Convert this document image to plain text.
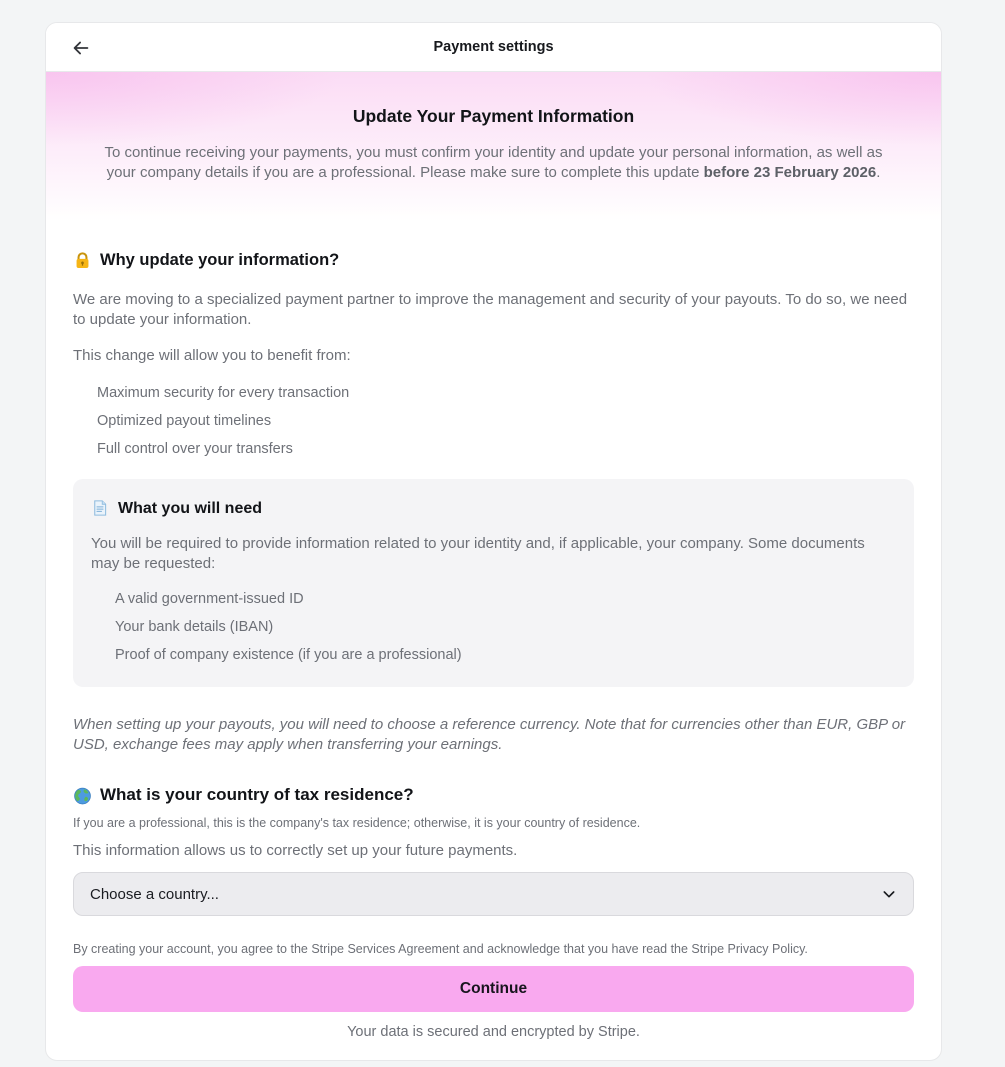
Payment settings
Update Your Payment Information
To continue receiving your payments, you must confirm your identity and update your personal information, as well as your company details if you are a professional. Please make sure to complete this update before 23 February 2026.
Why update your information?

We are moving to a specialized payment partner to improve the management and security of your payouts. To do so, we need to update your information.

This change will allow you to benefit from:

Maximum security for every transaction
Optimized payout timelines
Full control over your transfers
What you will need

You will be required to provide information related to your identity and, if applicable, your company. Some documents may be requested:

A valid government-issued ID
Your bank details (IBAN)
Proof of company existence (if you are a professional)

When setting up your payouts, you will need to choose a reference currency. Note that for currencies other than EUR, GBP or USD, exchange fees may apply when transferring your earnings.

What is your country of tax residence?

If you are a professional, this is the company's tax residence; otherwise, it is your country of residence.

This information allows us to correctly set up your future payments.

Choose a country...

By creating your account, you agree to the Stripe Services Agreement and acknowledge that you have read the Stripe Privacy Policy.

Continue

Your data is secured and encrypted by Stripe.
